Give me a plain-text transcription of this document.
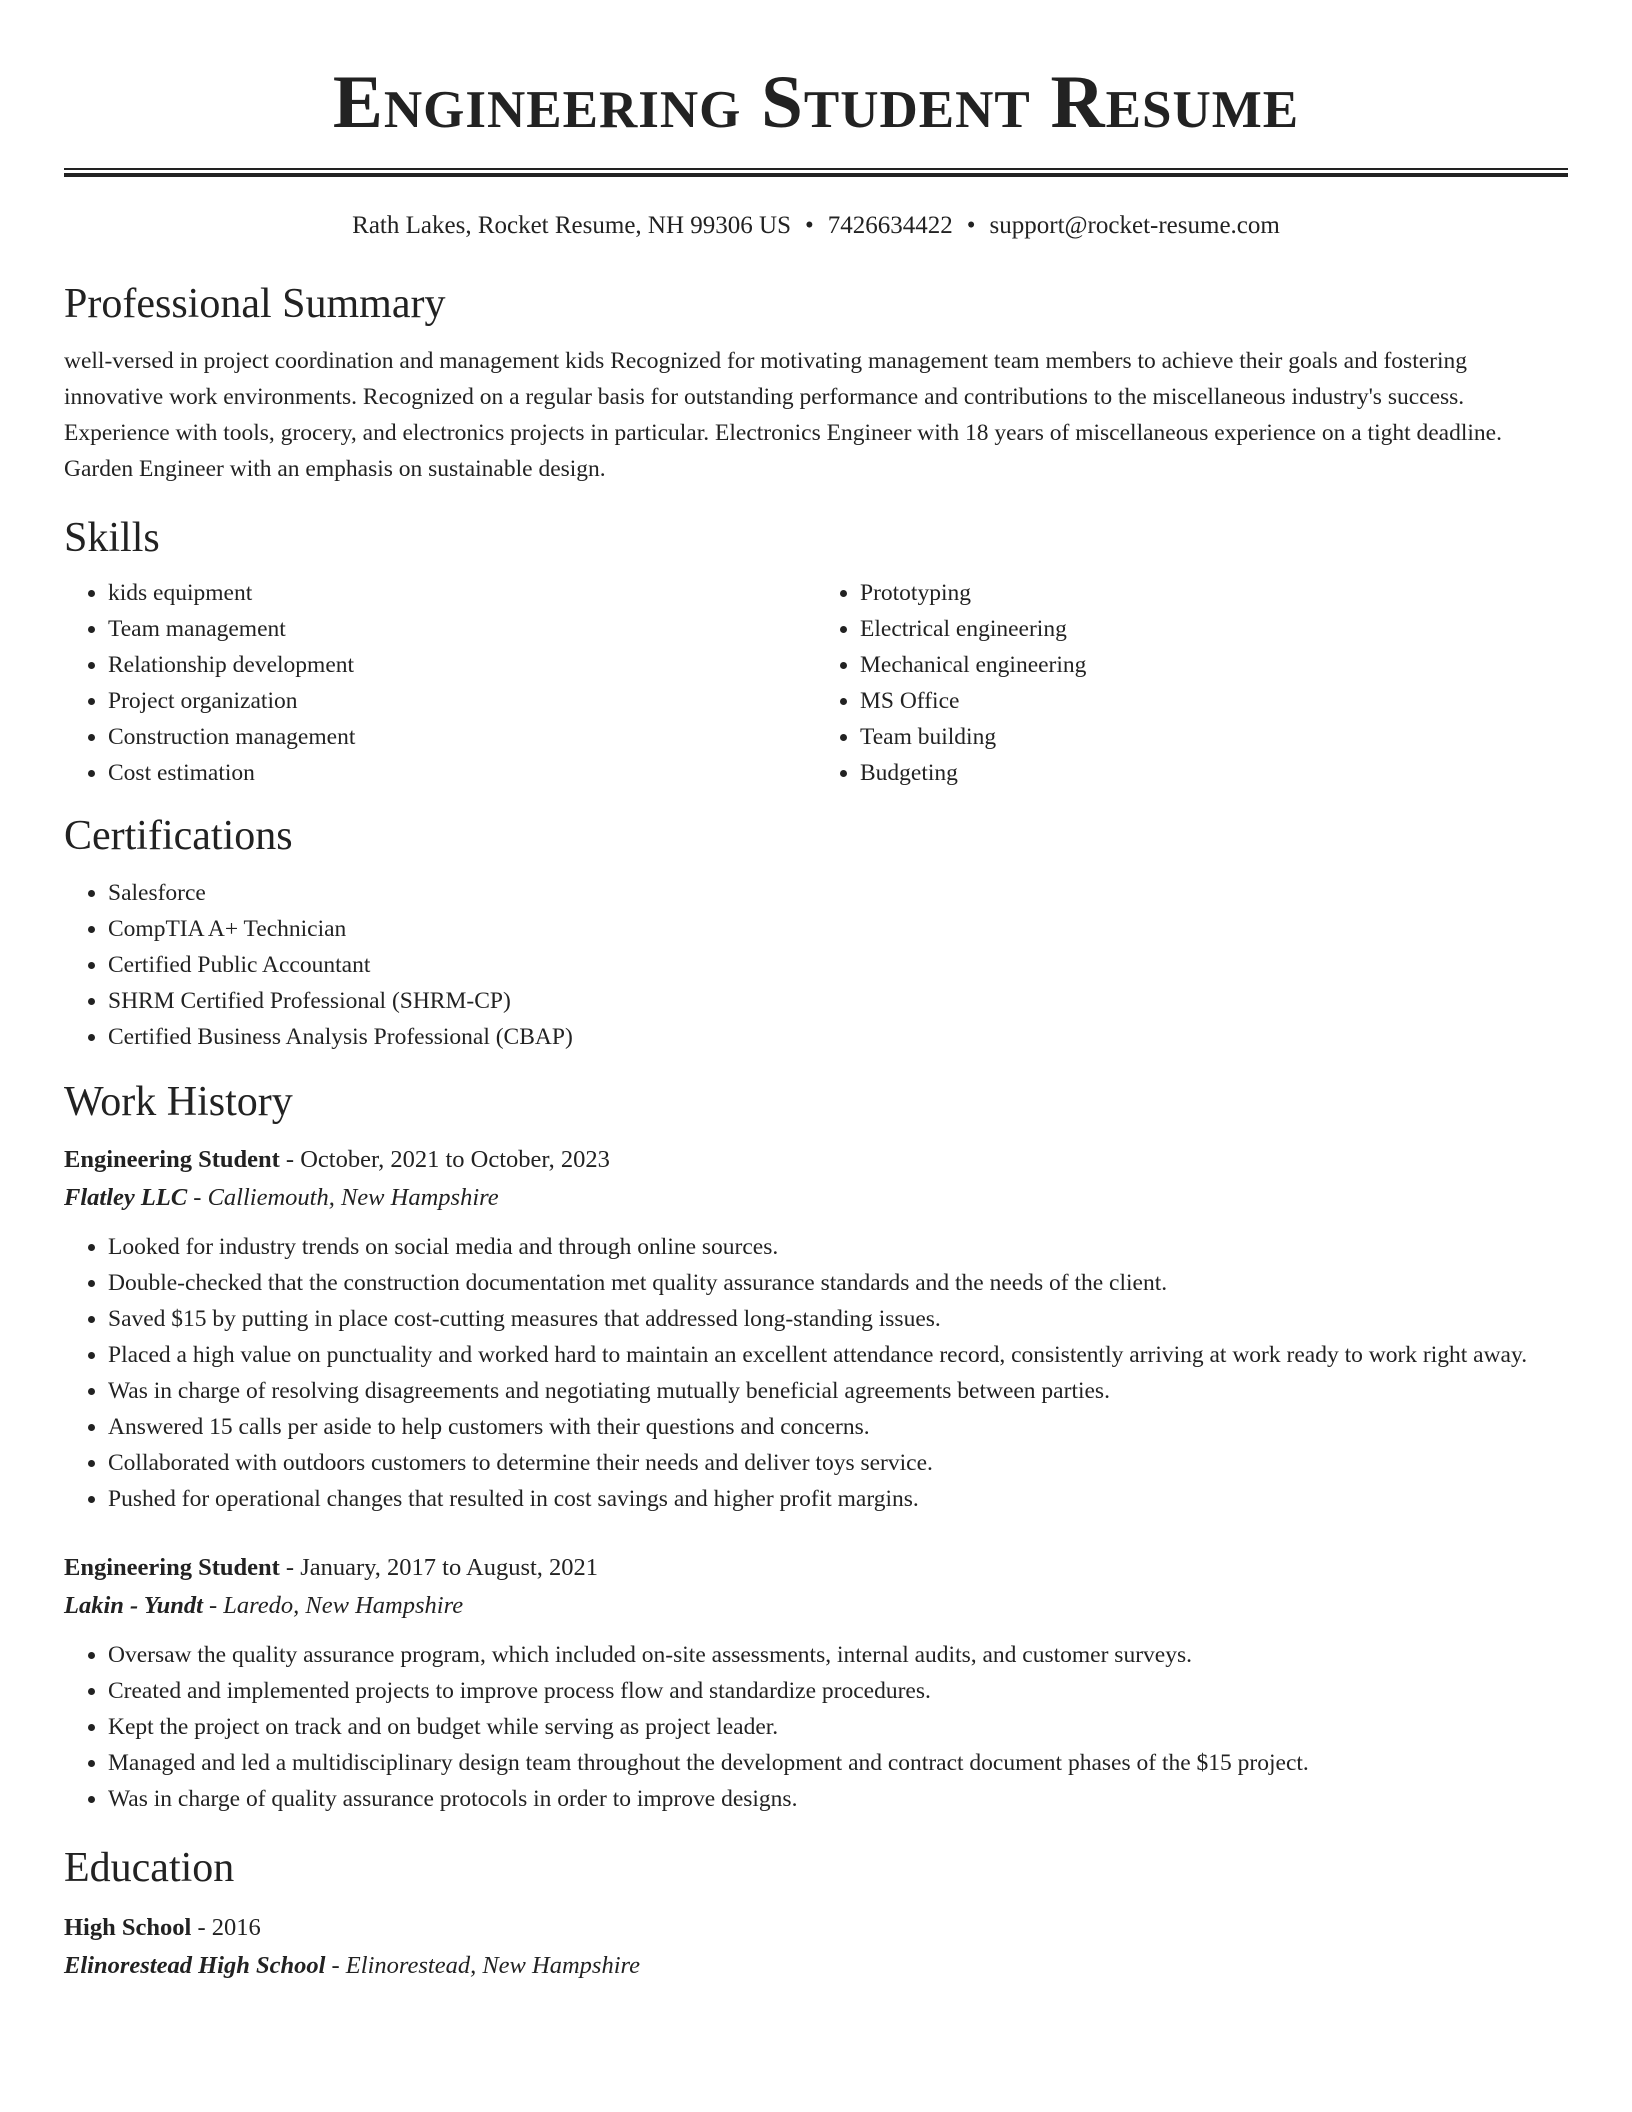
Engineering Student Resume
Rath Lakes, Rocket Resume, NH 99306 US • 7426634422 • support@rocket-resume.com
Professional Summary
well-versed in project coordination and management kids Recognized for motivating management team members to achieve their goals and fostering innovative work environments. Recognized on a regular basis for outstanding performance and contributions to the miscellaneous industry's success. Experience with tools, grocery, and electronics projects in particular. Electronics Engineer with 18 years of miscellaneous experience on a tight deadline. Garden Engineer with an emphasis on sustainable design.
Skills
• kids equipment
• Team management
• Relationship development
• Project organization
• Construction management
• Cost estimation
• Prototyping
• Electrical engineering
• Mechanical engineering
• MS Office
• Team building
• Budgeting
Certifications
• Salesforce
• CompTIA A+ Technician
• Certified Public Accountant
• SHRM Certified Professional (SHRM-CP)
• Certified Business Analysis Professional (CBAP)
Work History
Engineering Student - October, 2021 to October, 2023
Flatley LLC - Calliemouth, New Hampshire
• Looked for industry trends on social media and through online sources.
• Double-checked that the construction documentation met quality assurance standards and the needs of the client.
• Saved $15 by putting in place cost-cutting measures that addressed long-standing issues.
• Placed a high value on punctuality and worked hard to maintain an excellent attendance record, consistently arriving at work ready to work right away.
• Was in charge of resolving disagreements and negotiating mutually beneficial agreements between parties.
• Answered 15 calls per aside to help customers with their questions and concerns.
• Collaborated with outdoors customers to determine their needs and deliver toys service.
• Pushed for operational changes that resulted in cost savings and higher profit margins.
Engineering Student - January, 2017 to August, 2021
Lakin - Yundt - Laredo, New Hampshire
• Oversaw the quality assurance program, which included on-site assessments, internal audits, and customer surveys.
• Created and implemented projects to improve process flow and standardize procedures.
• Kept the project on track and on budget while serving as project leader.
• Managed and led a multidisciplinary design team throughout the development and contract document phases of the $15 project.
• Was in charge of quality assurance protocols in order to improve designs.
Education
High School - 2016
Elinorestead High School - Elinorestead, New Hampshire
